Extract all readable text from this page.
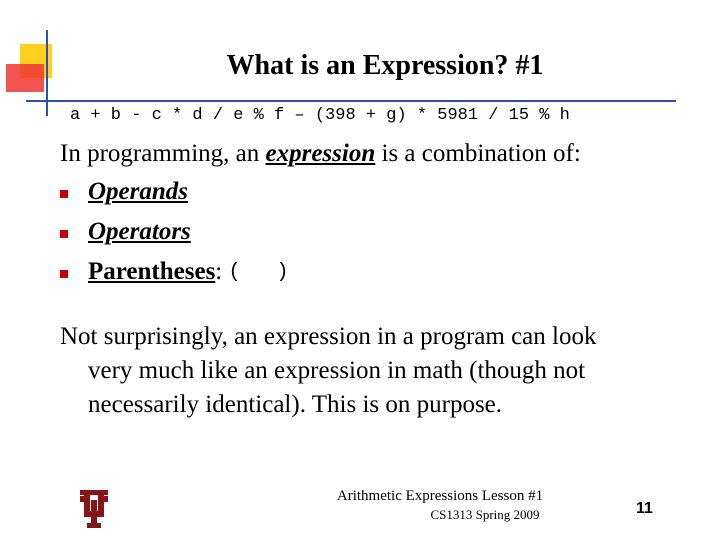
What is an Expression? #1
a + b - c * d / e % f – (398 + g) * 5981 / 15 % h
In programming, an expression is a combination of:
Operands
Operators
Parentheses : (   )
Not surprisingly, an expression in a program can look
very much like an expression in math (though not necessarily identical). This is on purpose.
Arithmetic Expressions Lesson #1
CS1313 Spring 2009	11
